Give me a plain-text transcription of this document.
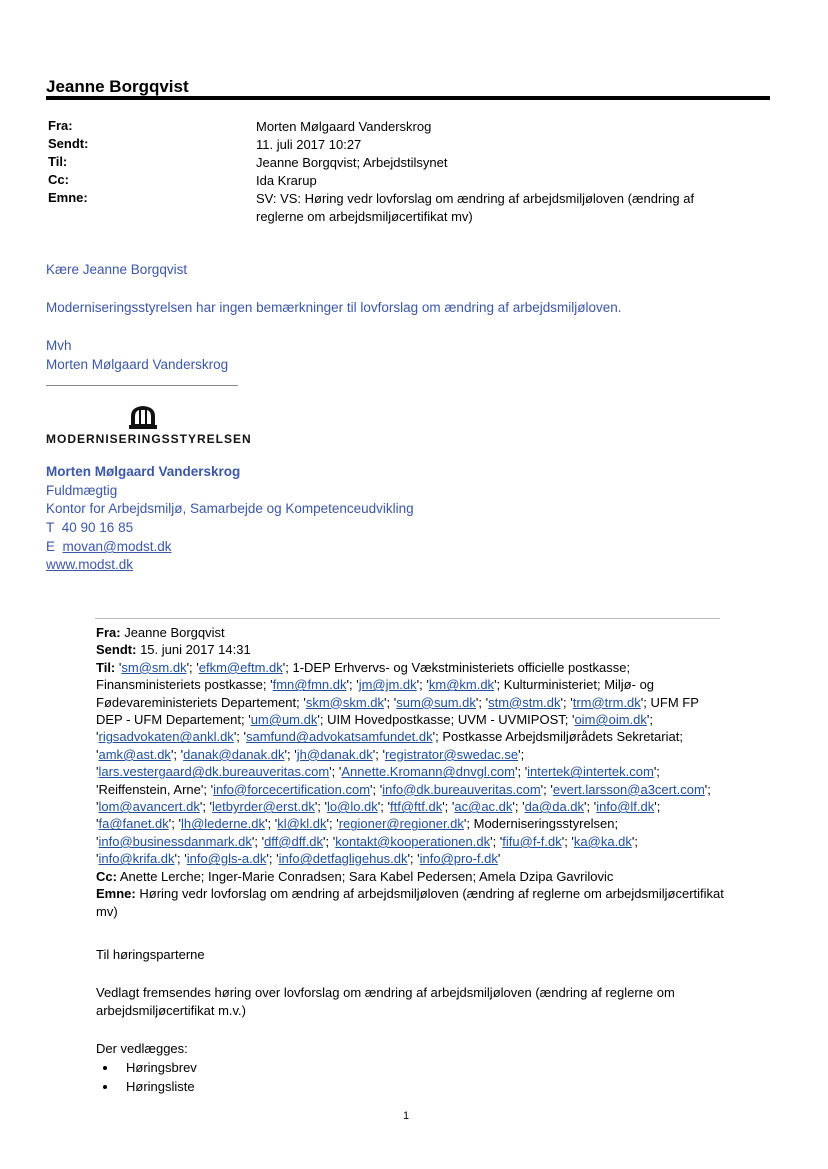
Jeanne Borgqvist
Fra:	Morten Mølgaard Vanderskrog
Sendt:	11. juli 2017 10:27
Til:	Jeanne Borgqvist; Arbejdstilsynet
Cc:	Ida Krarup
Emne:	SV: VS: Høring vedr lovforslag om ændring af arbejdsmiljøloven (ændring af reglerne om arbejdsmiljøcertifikat mv)
Kære Jeanne Borgqvist
Moderniseringsstyrelsen har ingen bemærkninger til lovforslag om ændring af arbejdsmiljøloven.
Mvh
Morten Mølgaard Vanderskrog
MODERNISERINGSSTYRELSEN
Morten Mølgaard Vanderskrog
Fuldmægtig
Kontor for Arbejdsmiljø, Samarbejde og Kompetenceudvikling
T 40 90 16 85
E movan@modst.dk
www.modst.dk
Fra: Jeanne Borgqvist
Sendt: 15. juni 2017 14:31
Til: 'sm@sm.dk'; 'efkm@eftm.dk'; 1-DEP Erhvervs- og Vækstministeriets officielle postkasse; Finansministeriets postkasse; 'fmn@fmn.dk'; 'jm@jm.dk'; 'km@km.dk'; Kulturministeriet; Miljø- og Fødevareministeriets Departement; 'skm@skm.dk'; 'sum@sum.dk'; 'stm@stm.dk'; 'trm@trm.dk'; UFM FP DEP - UFM Departement; 'um@um.dk'; UIM Hovedpostkasse; UVM - UVMIPOST; 'oim@oim.dk'; 'rigsadvokaten@ankl.dk'; 'samfund@advokatsamfundet.dk'; Postkasse Arbejdsmiljørådets Sekretariat; 'amk@ast.dk'; 'danak@danak.dk'; 'jh@danak.dk'; 'registrator@swedac.se'; 'lars.vestergaard@dk.bureauveritas.com'; 'Annette.Kromann@dnvgl.com'; 'intertek@intertek.com'; 'Reiffenstein, Arne'; 'info@forcecertification.com'; 'info@dk.bureauveritas.com'; 'evert.larsson@a3cert.com'; 'lom@avancert.dk'; 'letbyrder@erst.dk'; 'lo@lo.dk'; 'ftf@ftf.dk'; 'ac@ac.dk'; 'da@da.dk'; 'info@lf.dk'; 'fa@fanet.dk'; 'lh@lederne.dk'; 'kl@kl.dk'; 'regioner@regioner.dk'; Moderniseringsstyrelsen; 'info@businessdanmark.dk'; 'dff@dff.dk'; 'kontakt@kooperationen.dk'; 'fifu@f-f.dk'; 'ka@ka.dk'; 'info@krifa.dk'; 'info@gls-a.dk'; 'info@detfagligehus.dk'; 'info@pro-f.dk'
Cc: Anette Lerche; Inger-Marie Conradsen; Sara Kabel Pedersen; Amela Dzipa Gavrilovic
Emne: Høring vedr lovforslag om ændring af arbejdsmiljøloven (ændring af reglerne om arbejdsmiljøcertifikat mv)
Til høringsparterne
Vedlagt fremsendes høring over lovforslag om ændring af arbejdsmiljøloven (ændring af reglerne om arbejdsmiljøcertifikat m.v.)
Der vedlægges:
• Høringsbrev
• Høringsliste
1
